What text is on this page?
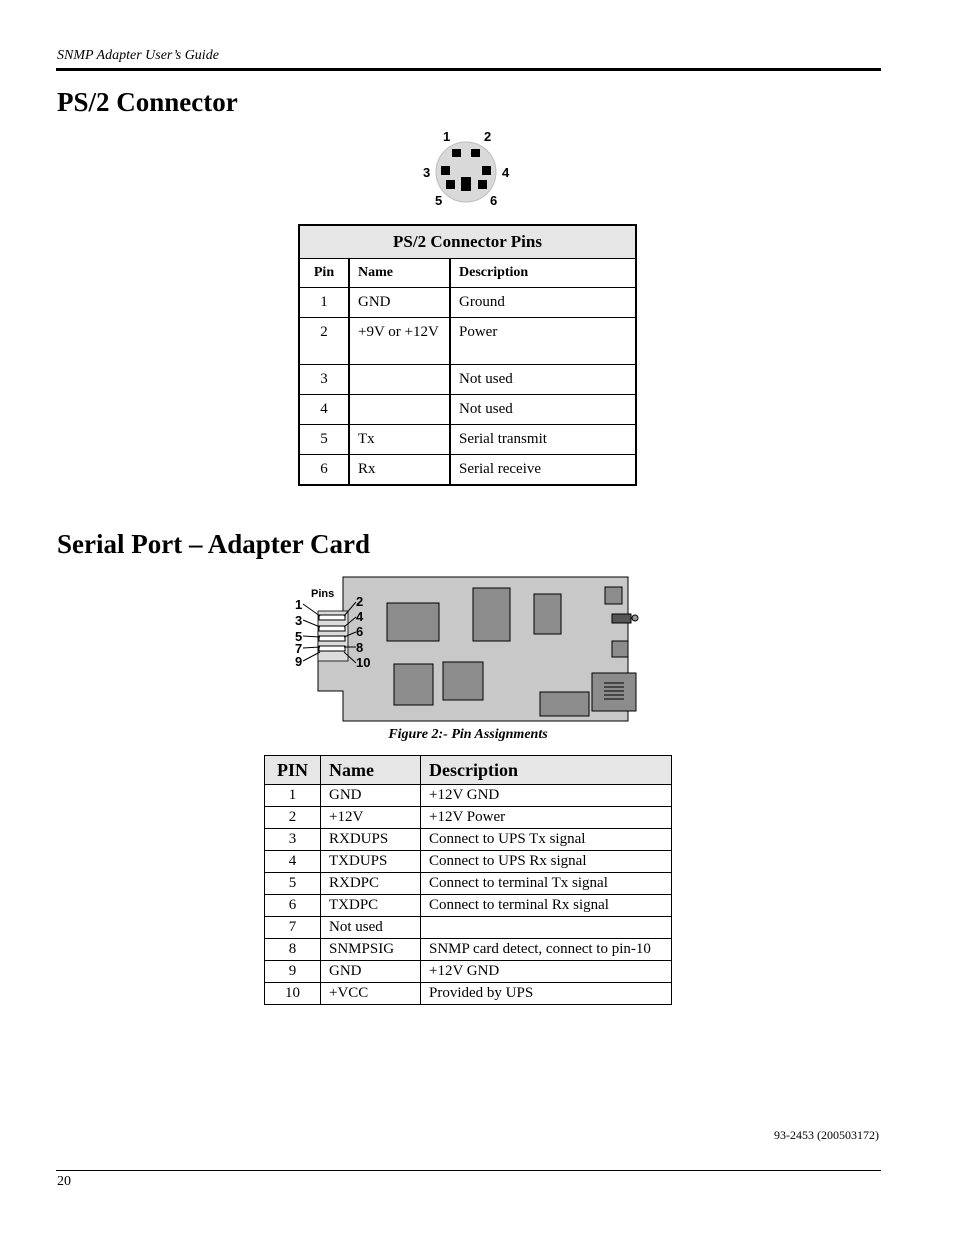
SNMP Adapter User’s Guide
PS/2 Connector
1	2
3	4
5	6
PS/2 Connector Pins		
Pin	Name	Description
1	GND	Ground
2	+9V or +12V	Power
3		Not used
4		Not used
5	Tx	Serial transmit
6	Rx	Serial receive
Serial Port – Adapter Card
Pins
1
3
5
7
9
2
4
6
8
10
Figure 2:- Pin Assignments
PIN	Name	Description
1	GND	+12V GND
2	+12V	+12V Power
3	RXDUPS	Connect to UPS Tx signal
4	TXDUPS	Connect to UPS Rx signal
5	RXDPC	Connect to terminal Tx signal
6	TXDPC	Connect to terminal Rx signal
7	Not used	
8	SNMPSIG	SNMP card detect, connect to pin-10
9	GND	+12V GND
10	+VCC	Provided by UPS
93-2453 (200503172)
20
